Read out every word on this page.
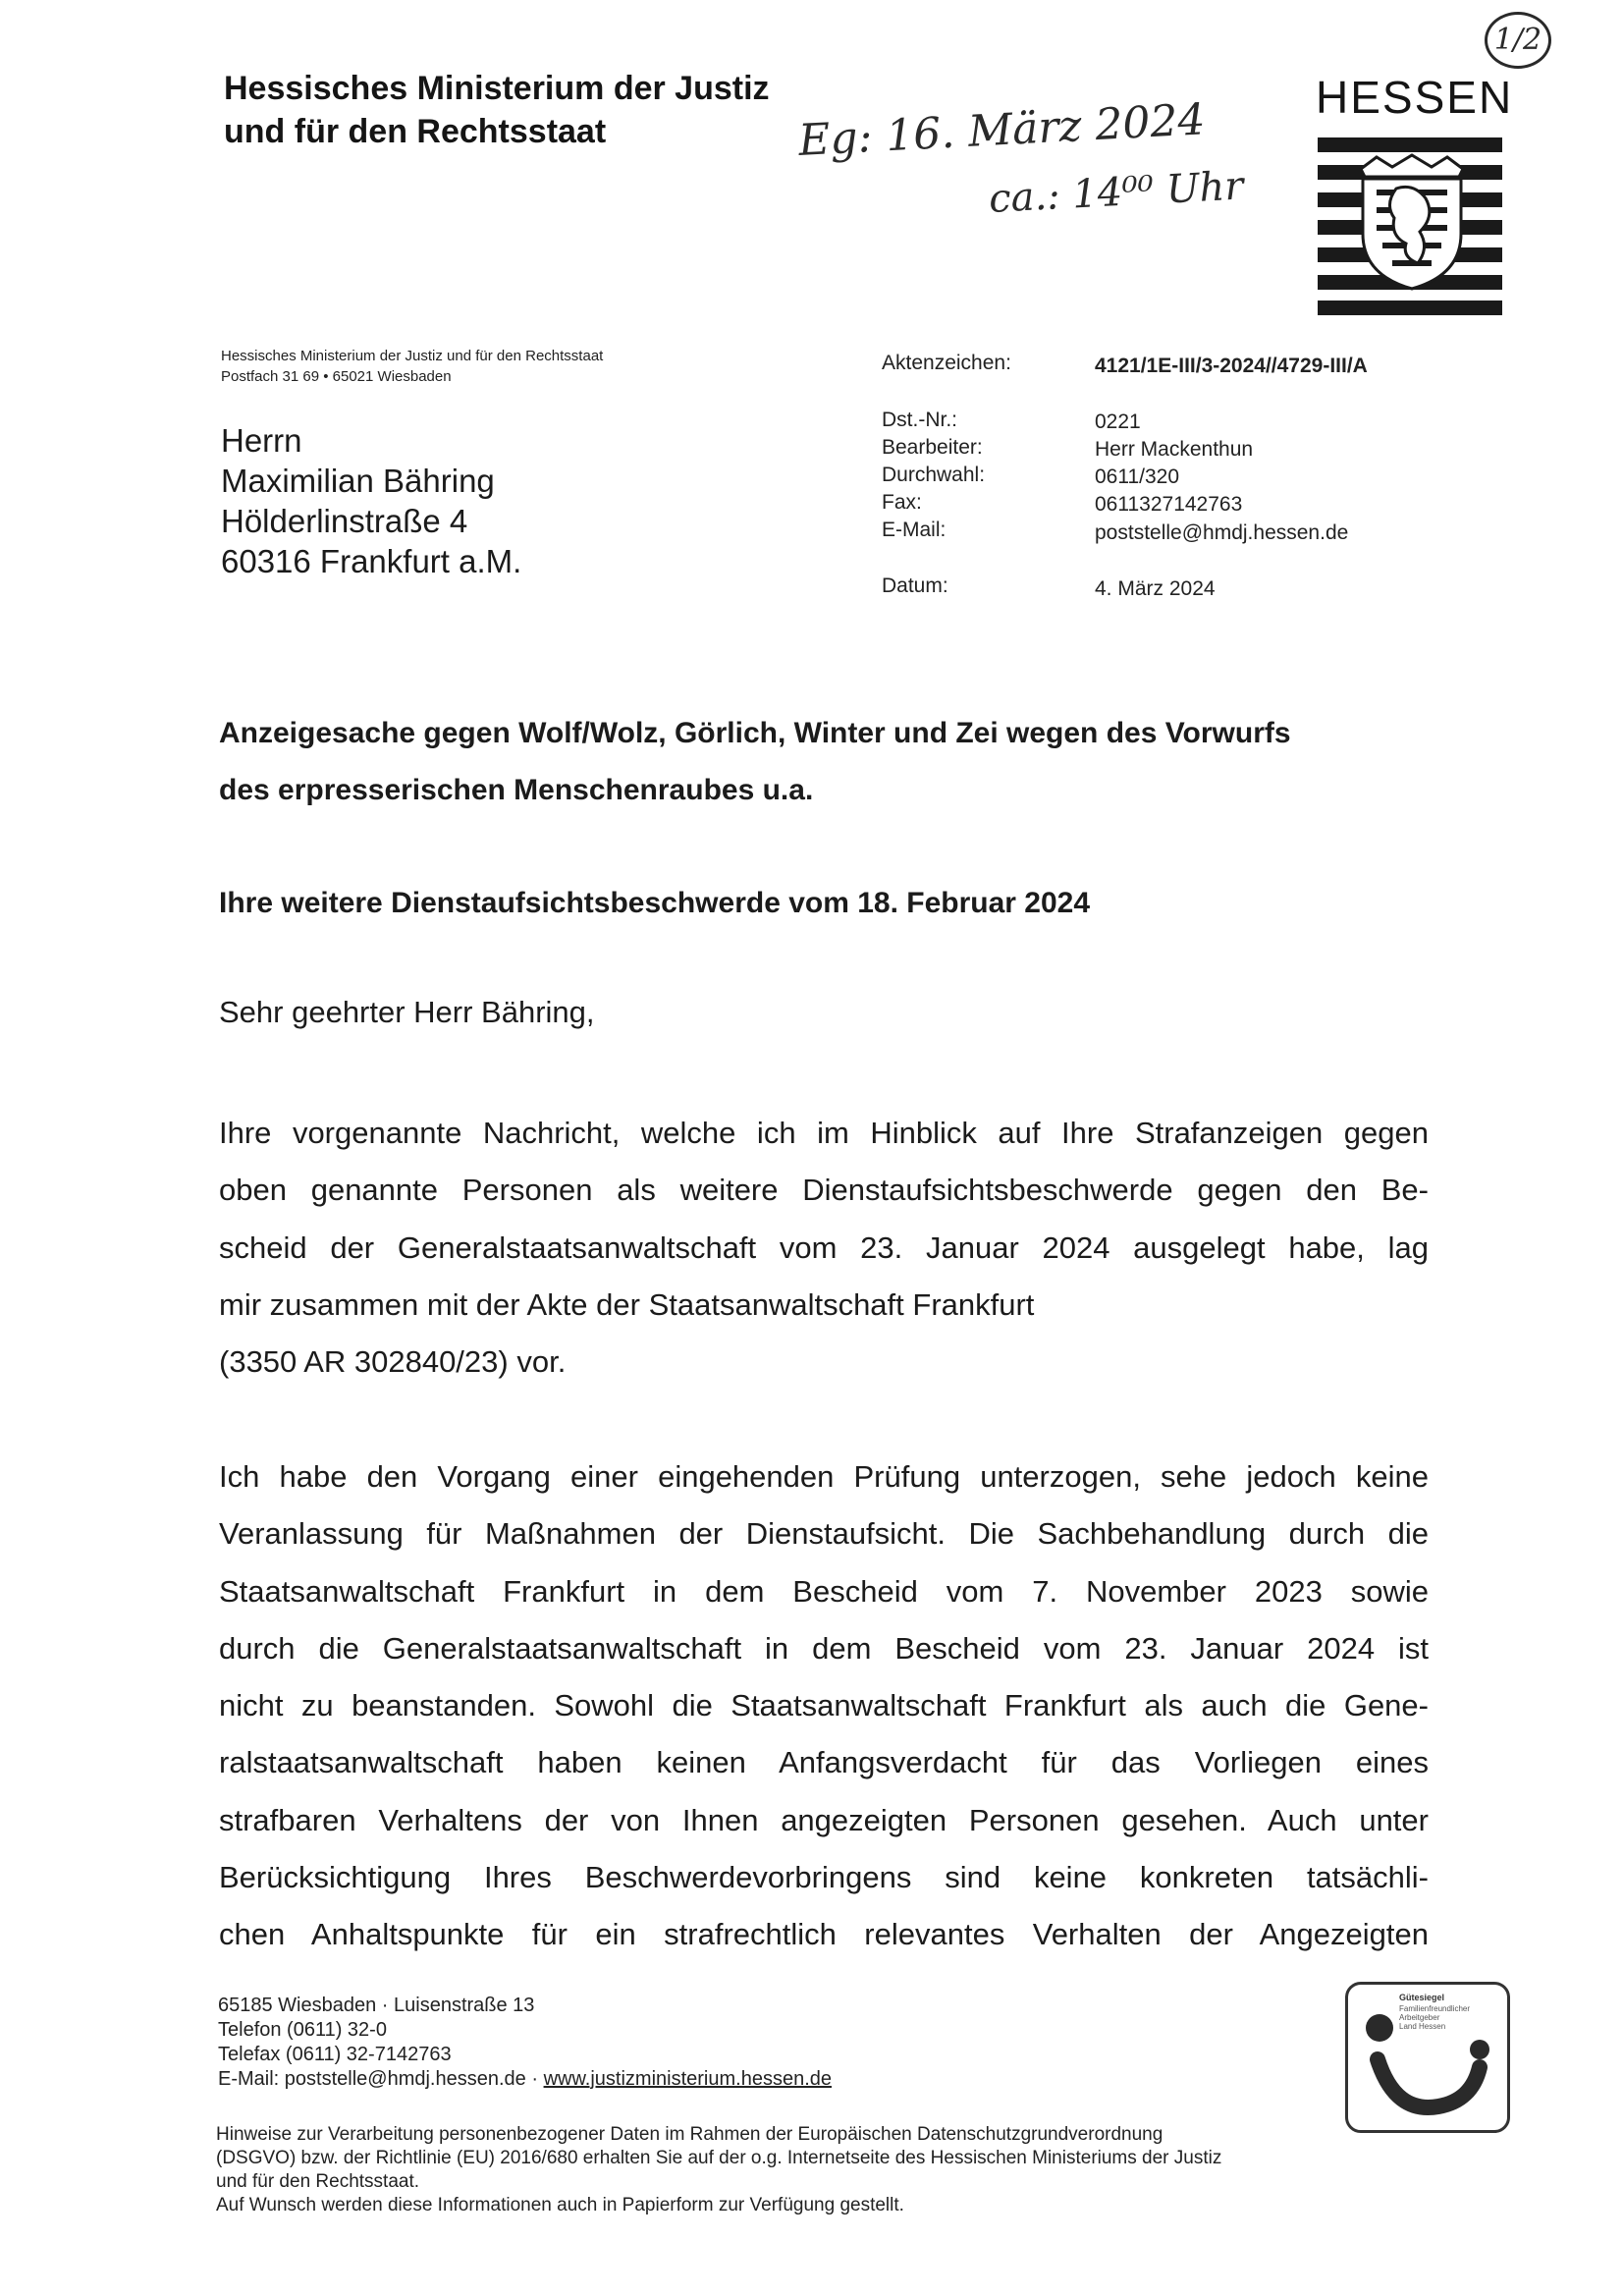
Hessisches Ministerium der Justiz
und für den Rechtsstaat
HESSEN
Eg: 16. März 2024
ca.: 14⁰⁰ Uhr
1/2
Hessisches Ministerium der Justiz und für den Rechtsstaat
Postfach 31 69 • 65021 Wiesbaden
Herrn
Maximilian Bähring
Hölderlinstraße 4
60316 Frankfurt a.M.
Aktenzeichen:	4121/1E-III/3-2024//4729-III/A
Dst.-Nr.:	0221
Bearbeiter:	Herr Mackenthun
Durchwahl:	0611/320
Fax:	0611327142763
E-Mail:	poststelle@hmdj.hessen.de
Datum:	4. März 2024
Anzeigesache gegen Wolf/Wolz, Görlich, Winter und Zei wegen des Vorwurfs
des erpresserischen Menschenraubes u.a.
Ihre weitere Dienstaufsichtsbeschwerde vom 18. Februar 2024
Sehr geehrter Herr Bähring,
Ihre vorgenannte Nachricht, welche ich im Hinblick auf Ihre Strafanzeigen gegen
oben genannte Personen als weitere Dienstaufsichtsbeschwerde gegen den Be-
scheid der Generalstaatsanwaltschaft vom 23. Januar 2024 ausgelegt habe, lag
mir zusammen mit der Akte der Staatsanwaltschaft Frankfurt
(3350 AR 302840/23) vor.
Ich habe den Vorgang einer eingehenden Prüfung unterzogen, sehe jedoch keine
Veranlassung für Maßnahmen der Dienstaufsicht. Die Sachbehandlung durch die
Staatsanwaltschaft Frankfurt in dem Bescheid vom 7. November 2023 sowie
durch die Generalstaatsanwaltschaft in dem Bescheid vom 23. Januar 2024 ist
nicht zu beanstanden. Sowohl die Staatsanwaltschaft Frankfurt als auch die Gene-
ralstaatsanwaltschaft haben keinen Anfangsverdacht für das Vorliegen eines
strafbaren Verhaltens der von Ihnen angezeigten Personen gesehen. Auch unter
Berücksichtigung Ihres Beschwerdevorbringens sind keine konkreten tatsächli-
chen Anhaltspunkte für ein strafrechtlich relevantes Verhalten der Angezeigten
65185 Wiesbaden · Luisenstraße 13
Telefon (0611) 32-0
Telefax (0611) 32-7142763
E-Mail: poststelle@hmdj.hessen.de · www.justizministerium.hessen.de
Gütesiegel
Familienfreundlicher
Arbeitgeber
Land Hessen
Hinweise zur Verarbeitung personenbezogener Daten im Rahmen der Europäischen Datenschutzgrundverordnung
(DSGVO) bzw. der Richtlinie (EU) 2016/680 erhalten Sie auf der o.g. Internetseite des Hessischen Ministeriums der Justiz
und für den Rechtsstaat.
Auf Wunsch werden diese Informationen auch in Papierform zur Verfügung gestellt.
